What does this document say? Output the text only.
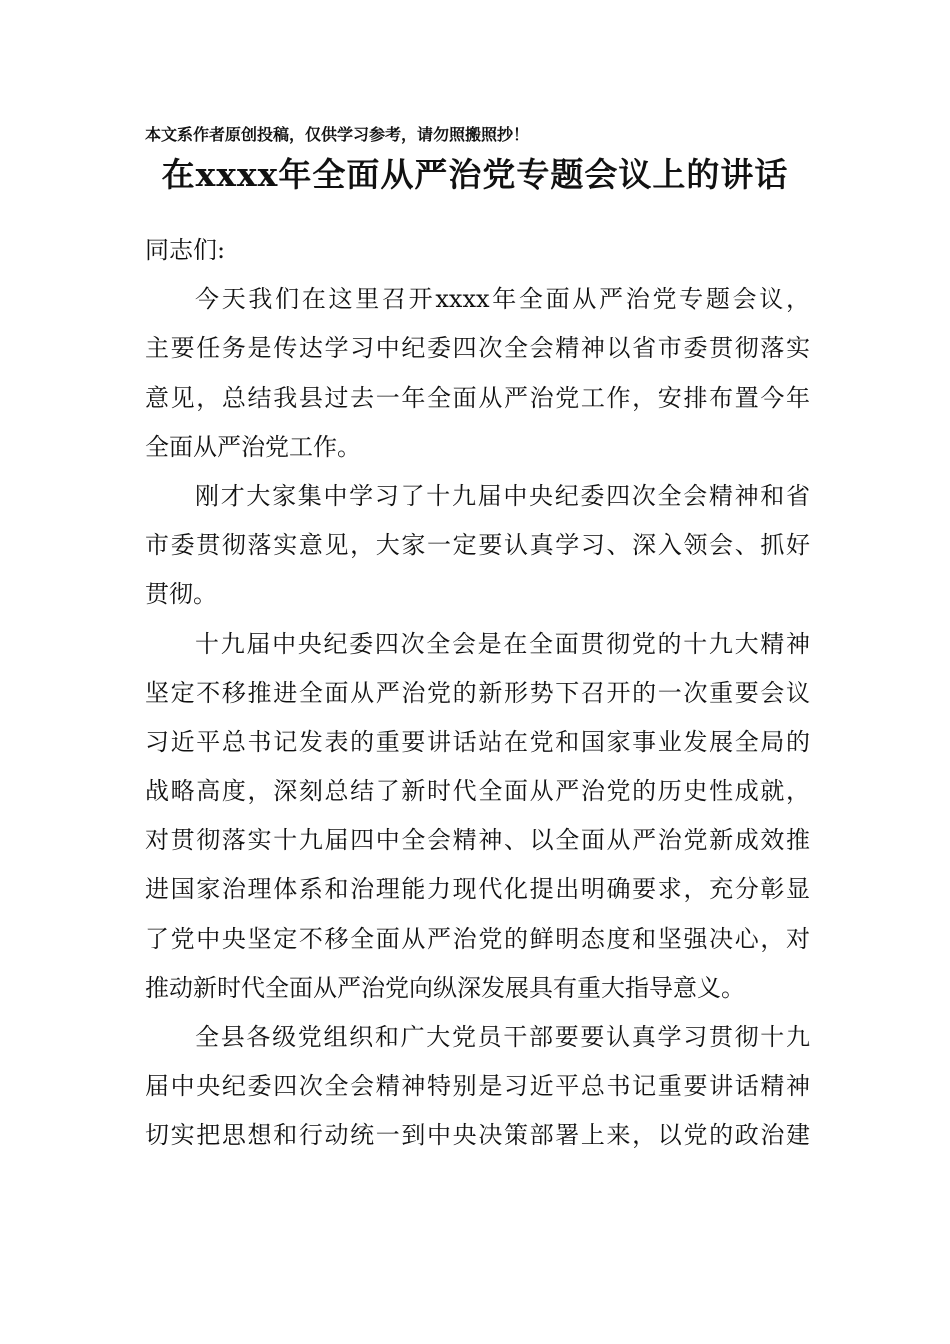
本文系作者原创投稿，仅供学习参考，请勿照搬照抄！
在xxxx年全面从严治党专题会议上的讲话
同志们:
今天我们在这里召开xxxx年全面从严治党专题会议，
主要任务是传达学习中纪委四次全会精神以省市委贯彻落实
意见，总结我县过去一年全面从严治党工作，安排布置今年
全面从严治党工作。
刚才大家集中学习了十九届中央纪委四次全会精神和省
市委贯彻落实意见，大家一定要认真学习、深入领会、抓好
贯彻。
十九届中央纪委四次全会是在全面贯彻党的十九大精神
坚定不移推进全面从严治党的新形势下召开的一次重要会议
习近平总书记发表的重要讲话站在党和国家事业发展全局的
战略高度，深刻总结了新时代全面从严治党的历史性成就，
对贯彻落实十九届四中全会精神、以全面从严治党新成效推
进国家治理体系和治理能力现代化提出明确要求，充分彰显
了党中央坚定不移全面从严治党的鲜明态度和坚强决心，对
推动新时代全面从严治党向纵深发展具有重大指导意义。
全县各级党组织和广大党员干部要要认真学习贯彻十九
届中央纪委四次全会精神特别是习近平总书记重要讲话精神
切实把思想和行动统一到中央决策部署上来，以党的政治建
